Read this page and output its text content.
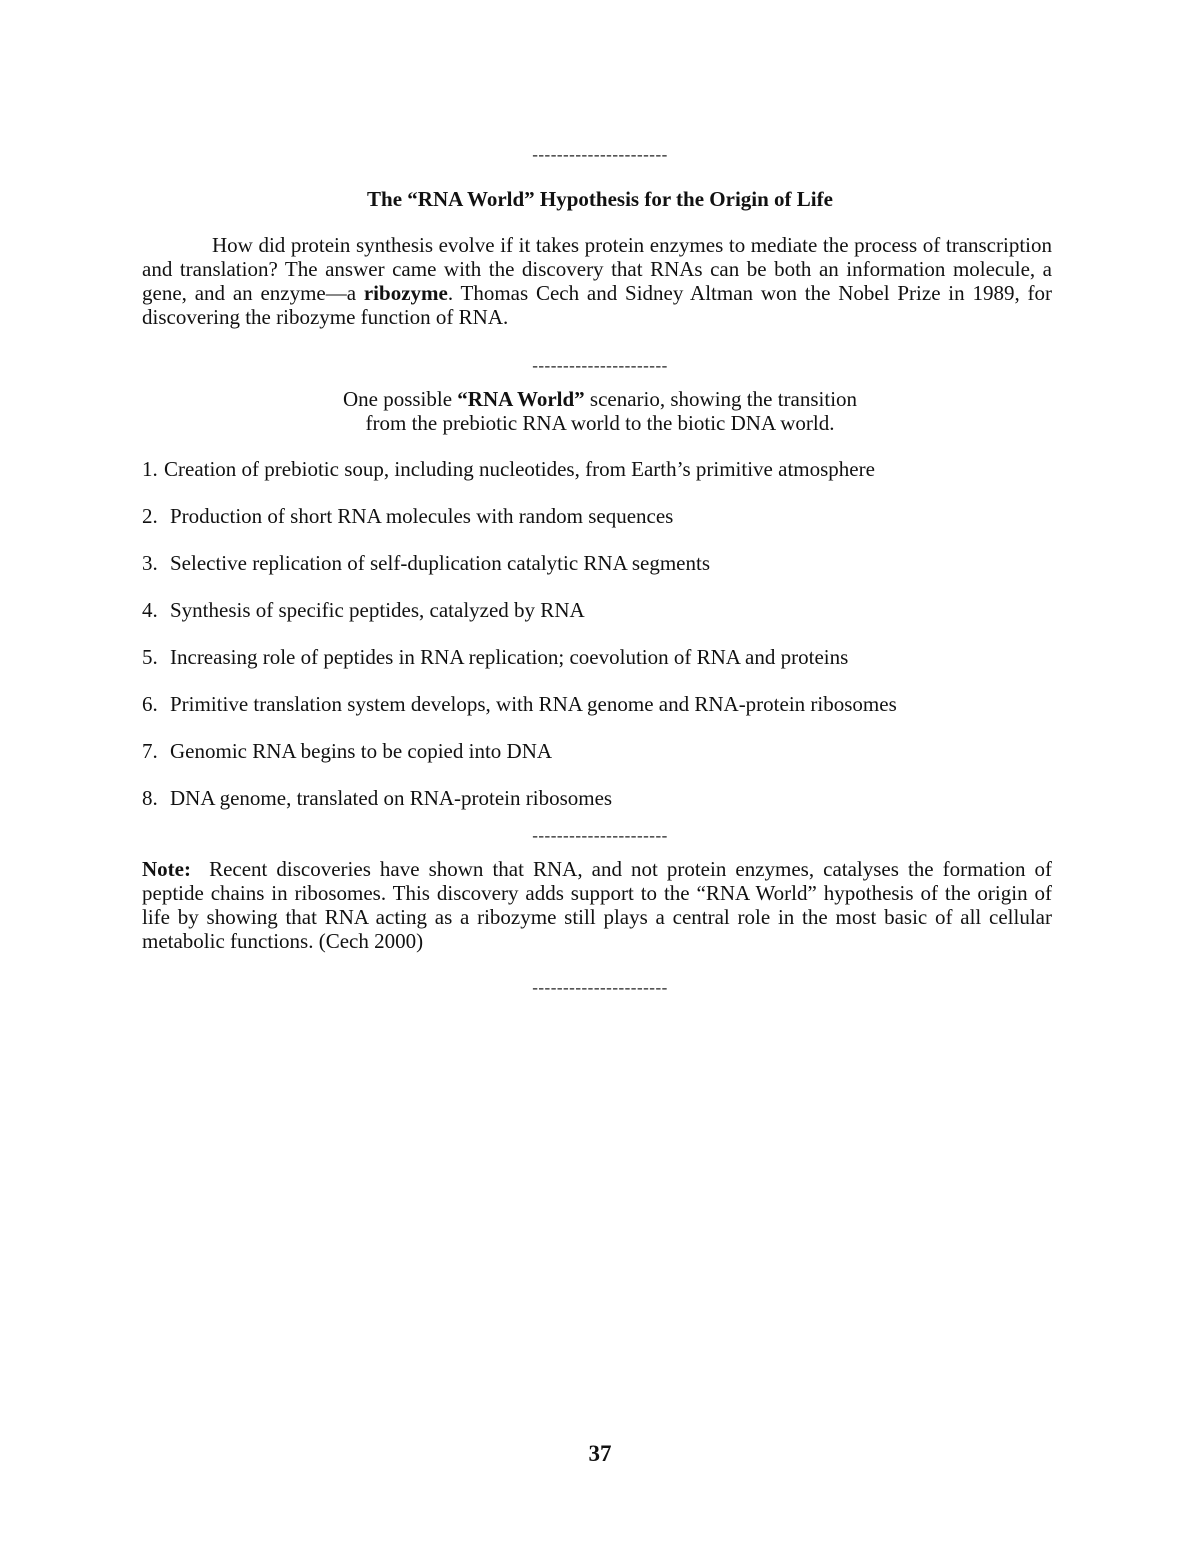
----------------------
The “RNA World” Hypothesis for the Origin of Life
How did protein synthesis evolve if it takes protein enzymes to mediate the process of transcription and translation? The answer came with the discovery that RNAs can be both an information molecule, a gene, and an enzyme—a ribozyme. Thomas Cech and Sidney Altman won the Nobel Prize in 1989, for discovering the ribozyme function of RNA.
----------------------
One possible “RNA World” scenario, showing the transition
from the prebiotic RNA world to the biotic DNA world.
1. Creation of prebiotic soup, including nucleotides, from Earth’s primitive atmosphere
2. Production of short RNA molecules with random sequences
3. Selective replication of self-duplication catalytic RNA segments
4. Synthesis of specific peptides, catalyzed by RNA
5. Increasing role of peptides in RNA replication; coevolution of RNA and proteins
6. Primitive translation system develops, with RNA genome and RNA-protein ribosomes
7. Genomic RNA begins to be copied into DNA
8. DNA genome, translated on RNA-protein ribosomes
----------------------
Note: Recent discoveries have shown that RNA, and not protein enzymes, catalyses the formation of peptide chains in ribosomes. This discovery adds support to the “RNA World” hypothesis of the origin of life by showing that RNA acting as a ribozyme still plays a central role in the most basic of all cellular metabolic functions. (Cech 2000)
----------------------
37
